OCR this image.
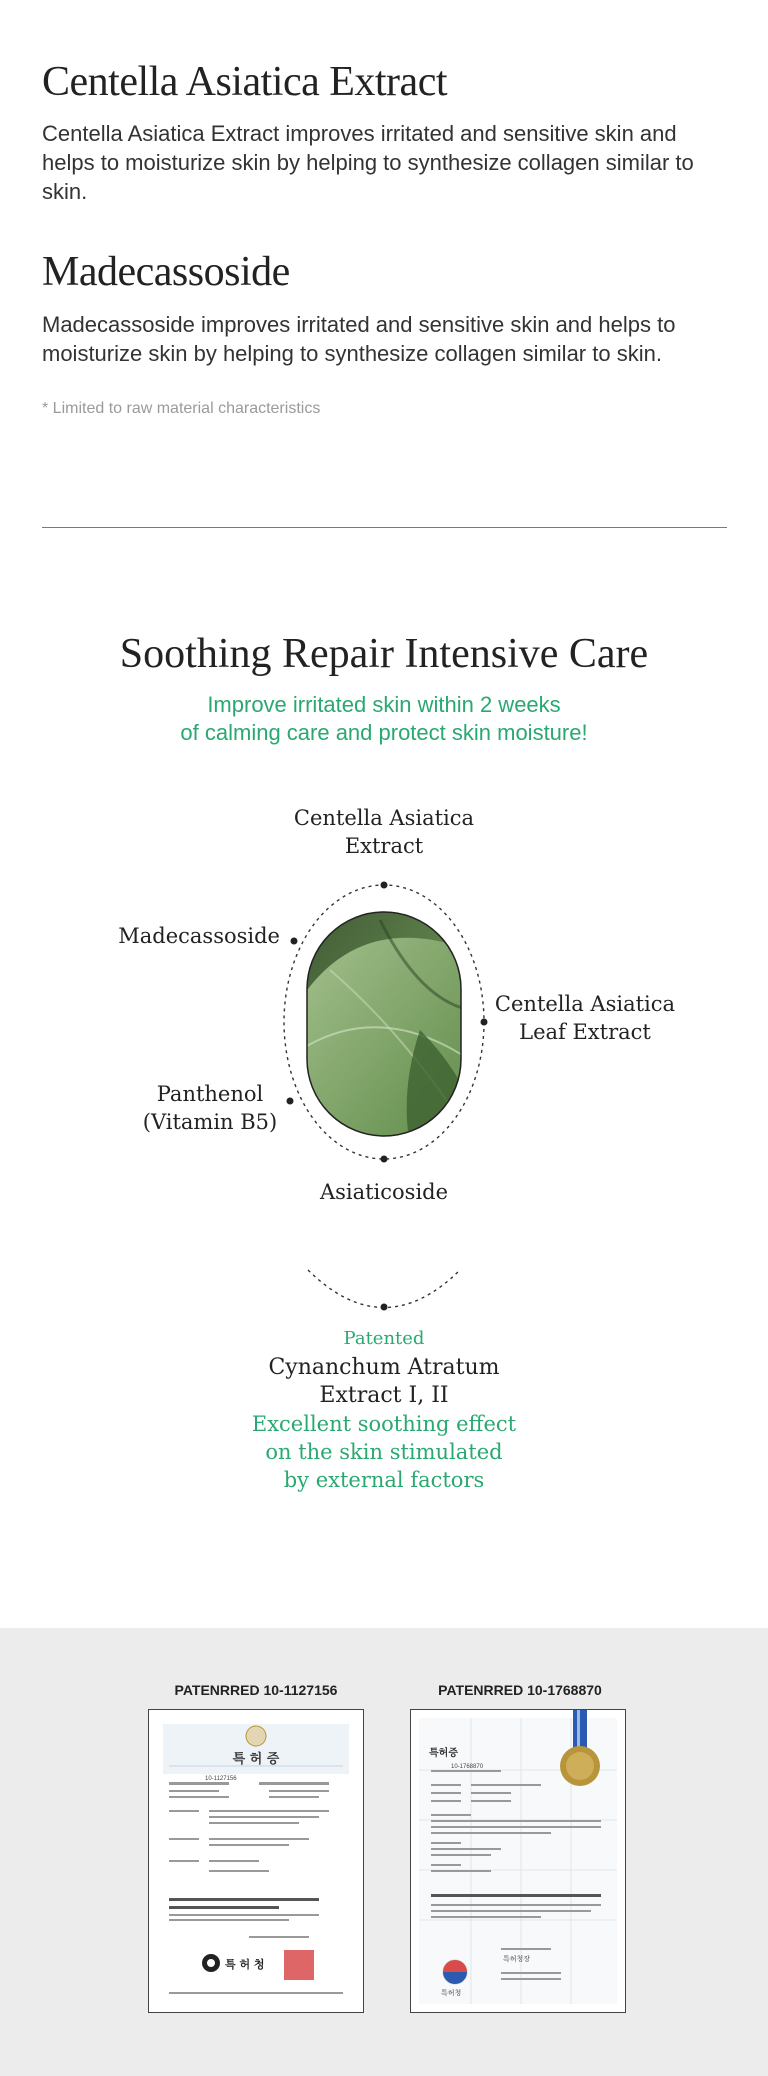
Centella Asiatica Extract
Centella Asiatica Extract improves irritated and sensitive skin and helps to moisturize skin by helping to synthesize collagen similar to skin.
Madecassoside
Madecassoside improves irritated and sensitive skin and helps to moisturize skin by helping to synthesize collagen similar to skin.
* Limited to raw material characteristics
Soothing Repair Intensive Care
Improve irritated skin within 2 weeks
of calming care and protect skin moisture!
Centella Asiatica
Extract
Madecassoside
Centella Asiatica
Leaf Extract
Panthenol
(Vitamin B5)
Asiaticoside
Patented
Cynanchum Atratum
Extract I, II
Excellent soothing effect
on the skin stimulated
by external factors
PATENRRED 10-1127156	PATENRRED 10-1768870
특 허 증
10-1127156
특 허 청
특허증
10-1768870
특허청장
특허청
